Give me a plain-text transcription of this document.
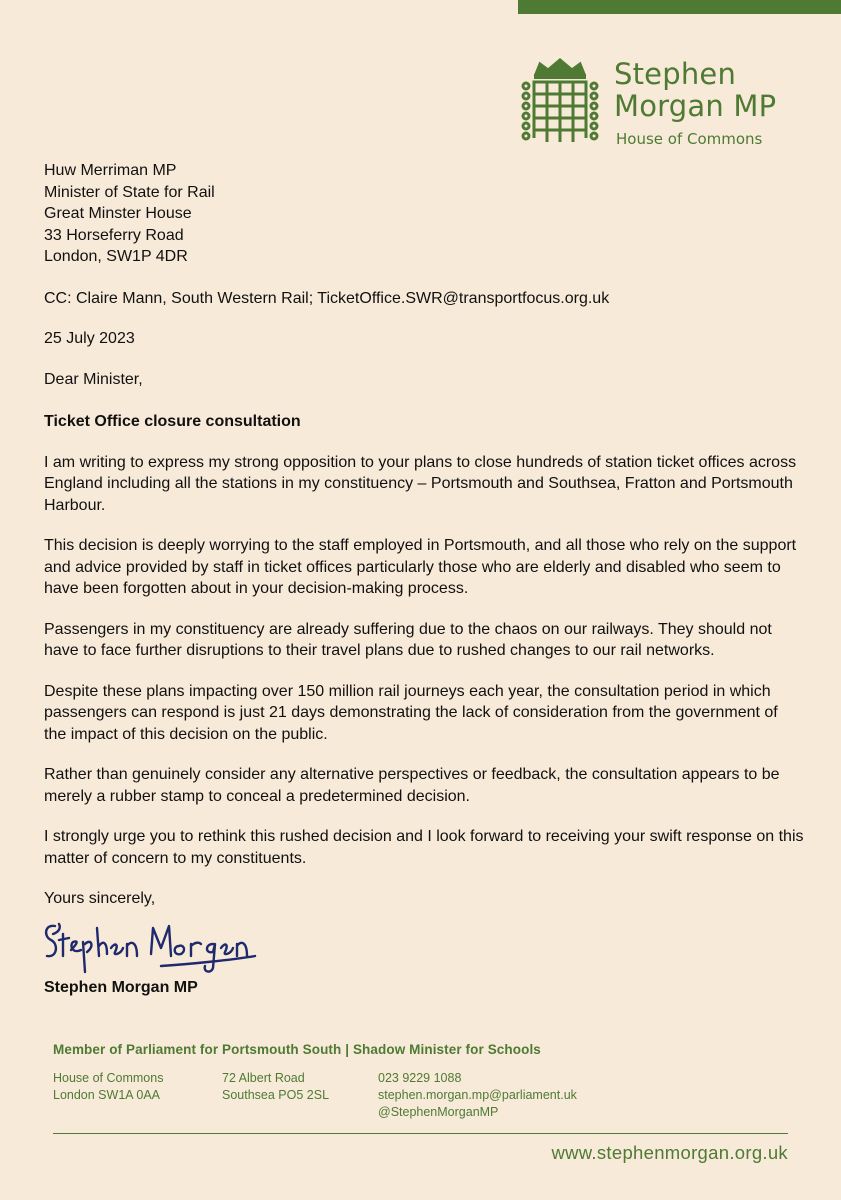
Stephen
Morgan MP
House of Commons
Huw Merriman MP
Minister of State for Rail
Great Minster House
33 Horseferry Road
London, SW1P 4DR
CC: Claire Mann, South Western Rail; TicketOffice.SWR@transportfocus.org.uk
25 July 2023
Dear Minister,
Ticket Office closure consultation
I am writing to express my strong opposition to your plans to close hundreds of station ticket offices across England including all the stations in my constituency – Portsmouth and Southsea, Fratton and Portsmouth Harbour.
This decision is deeply worrying to the staff employed in Portsmouth, and all those who rely on the support and advice provided by staff in ticket offices particularly those who are elderly and disabled who seem to have been forgotten about in your decision-making process.
Passengers in my constituency are already suffering due to the chaos on our railways. They should not have to face further disruptions to their travel plans due to rushed changes to our rail networks.
Despite these plans impacting over 150 million rail journeys each year, the consultation period in which passengers can respond is just 21 days demonstrating the lack of consideration from the government of the impact of this decision on the public.
Rather than genuinely consider any alternative perspectives or feedback, the consultation appears to be merely a rubber stamp to conceal a predetermined decision.
I strongly urge you to rethink this rushed decision and I look forward to receiving your swift response on this matter of concern to my constituents.
Yours sincerely,
Stephen Morgan MP
Member of Parliament for Portsmouth South | Shadow Minister for Schools
House of Commons
London SW1A 0AA
72 Albert Road
Southsea PO5 2SL
023 9229 1088
stephen.morgan.mp@parliament.uk
@StephenMorganMP
www.stephenmorgan.org.uk
